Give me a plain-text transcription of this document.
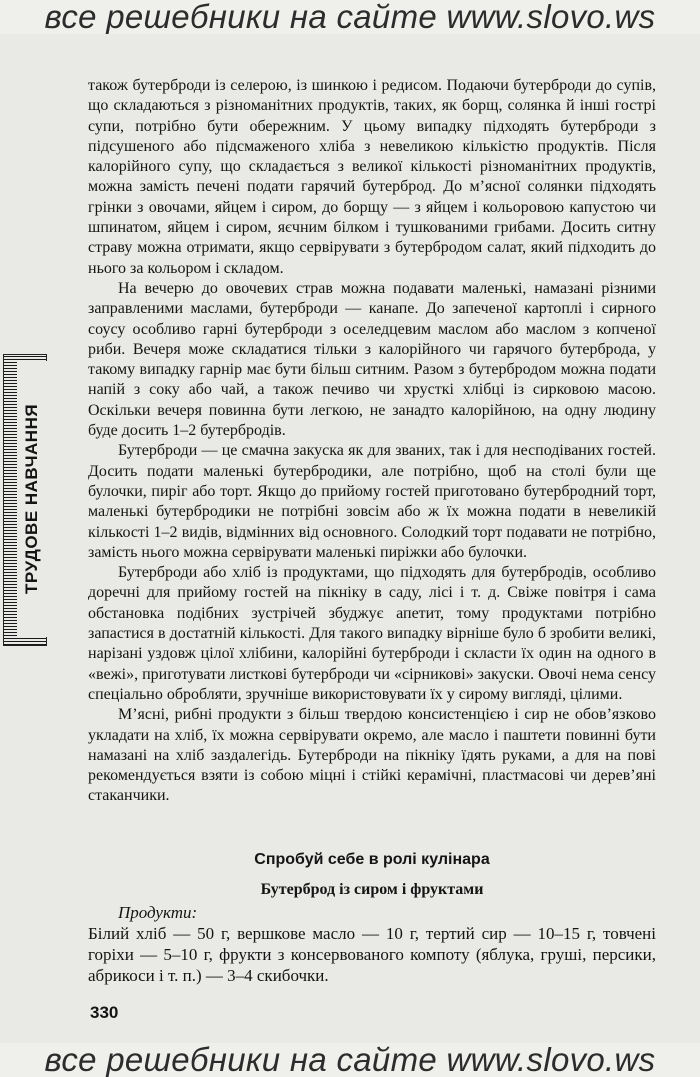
все решебники на сайте www.slovo.ws
ТРУДОВЕ НАВЧАННЯ

також бутерброди із селерою, із шинкою і редисом. Подаючи бутерброди до супів, що складаються з різноманітних продуктів, таких, як борщ, солянка й інші гострі супи, потрібно бути обережним. У цьому випадку підходять бутерброди з підсушеного або підсмаженого хліба з невеликою кількістю продуктів. Після калорійного супу, що складається з великої кількості різноманітних продуктів, можна замість печені подати гарячий бутерброд. До м’ясної солянки підходять грінки з овочами, яйцем і сиром, до борщу — з яйцем і кольоровою капустою чи шпинатом, яйцем і сиром, яєчним білком і тушкованими грибами. Досить ситну страву можна отримати, якщо сервірувати з бутербродом салат, який підходить до нього за кольором і складом.

На вечерю до овочевих страв можна подавати маленькі, намазані різними заправленими маслами, бутерброди — канапе. До запеченої картоплі і сирного соусу особливо гарні бутерброди з оселедцевим маслом або маслом з копченої риби. Вечеря може складатися тільки з калорійного чи гарячого бутерброда, у такому випадку гарнір має бути більш ситним. Разом з бутербродом можна подати напій з соку або чай, а також печиво чи хрусткі хлібці із сирковою масою. Оскільки вечеря повинна бути легкою, не занадто калорійною, на одну людину буде досить 1–2 бутербродів.

Бутерброди — це смачна закуска як для званих, так і для несподіваних гостей. Досить подати маленькі бутербродики, але потрібно, щоб на столі були ще булочки, пиріг або торт. Якщо до прийому гостей приготовано бутербродний торт, маленькі бутербродики не потрібні зовсім або ж їх можна подати в невеликій кількості 1–2 видів, відмінних від основного. Солодкий торт подавати не потрібно, замість нього можна сервірувати маленькі пиріжки або булочки.

Бутерброди або хліб із продуктами, що підходять для бутербродів, особливо доречні для прийому гостей на пікніку в саду, лісі і т. д. Свіже повітря і сама обстановка подібних зустрічей збуджує апетит, тому продуктами потрібно запастися в достатній кількості. Для такого випадку вірніше було б зробити великі, нарізані уздовж цілої хлібини, калорійні бутерброди і скласти їх один на одного в «вежі», приготувати листкові бутерброди чи «сірникові» закуски. Овочі нема сенсу спеціально обробляти, зручніше використовувати їх у сирому вигляді, цілими.

М’ясні, рибні продукти з більш твердою консистенцією і сир не обов’язково укладати на хліб, їх можна сервірувати окремо, але масло і паштети повинні бути намазані на хліб заздалегідь. Бутерброди на пікніку їдять руками, а для на пові рекомендується взяти із собою міцні і стійкі керамічні, пластмасові чи дерев’яні стаканчики.

Спробуй себе в ролі кулінара
Бутерброд із сиром і фруктами
Продукти:

Білий хліб — 50 г, вершкове масло — 10 г, тертий сир — 10–15 г, товчені горіхи — 5–10 г, фрукти з консервованого компоту (яблука, груші, персики, абрикоси і т. п.) — 3–4 скибочки.

330
все решебники на сайте www.slovo.ws
